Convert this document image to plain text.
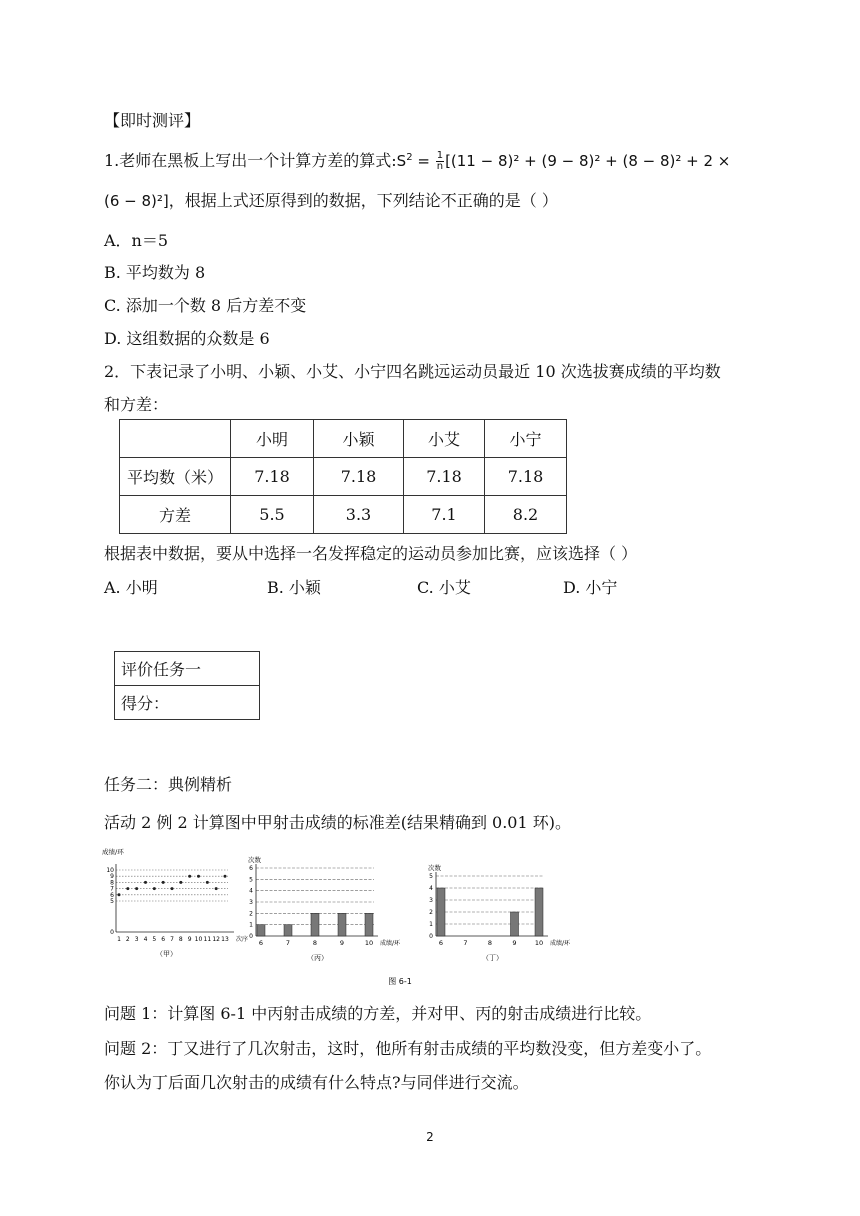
【即时测评】
1.老师在黑板上写出一个计算方差的算式$:S^2 = \frac{1}{n} [(11 - 8)^2 + (9 - 8)^2 + (8 - 8)^2 + 2$ ×
(6 − 8)²]，根据上式还原得到的数据，下列结论不正确的是（ ）
A．n＝5
B. 平均数为 8
C. 添加一个数 8 后方差不变
D. 这组数据的众数是 6
2．下表记录了小明、小颖、小艾、小宁四名跳远运动员最近 10 次选拔赛成绩的平均数
和方差：
	小明	小颖	小艾	小宁
平均数（米）	7.18	7.18	7.18	7.18
方差	5.5	3.3	7.1	8.2
根据表中数据，要从中选择一名发挥稳定的运动员参加比赛，应该选择（ ）
A. 小明	B. 小颖	C. 小艾	D. 小宁
评价任务一
得分：
任务二：典例精析
活动 2 例 2 计算图中甲射击成绩的标准差(结果精确到 0.01 环)。
成绩/环
0
5
6
7
8
9
10
1 2 3 4 5 6 7 8 9 10 11 12 13 次序
（甲）
次数
0
1
2
3
4
5
6
6	7	8	9	10 成绩/环
（丙）
次数
0
1
2
3
4
5
6	7	8	9	10 成绩/环
（丁）
图 6-1
问题 1：计算图 6-1 中丙射击成绩的方差，并对甲、丙的射击成绩进行比较。
问题 2：丁又进行了几次射击，这时，他所有射击成绩的平均数没变，但方差变小了。
你认为丁后面几次射击的成绩有什么特点?与同伴进行交流。
2
